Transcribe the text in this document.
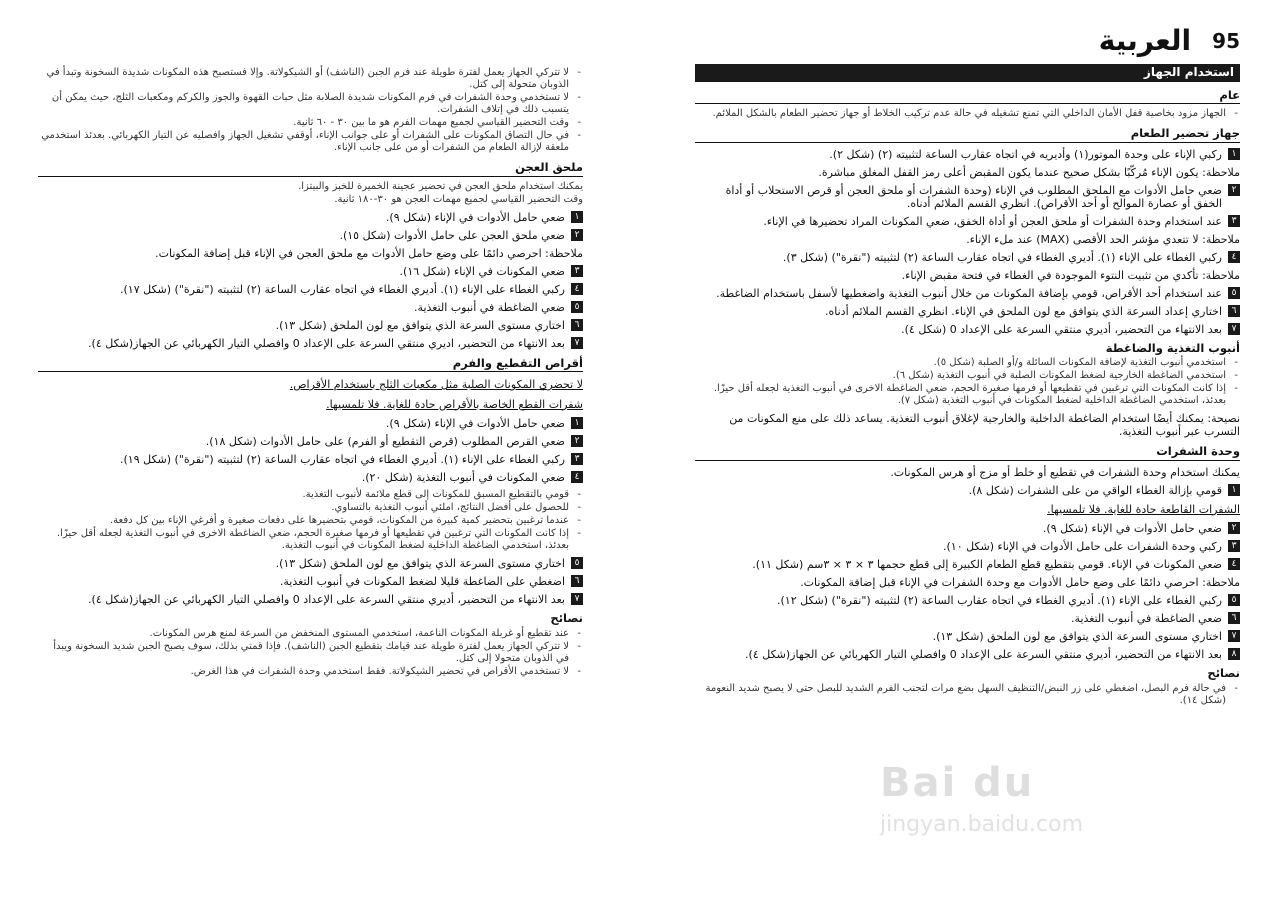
95 العربية
استخدام الجهاز
عام
- الجهاز مزود بخاصية قفل الأمان الداخلي التي تمنع تشغيله في حالة عدم تركيب الخلاط أو جهاز تحضير الطعام بالشكل الملائم.
جهاز تحضير الطعام
١
ركبي الإناء على وحدة الموتور(١) وأديريه في اتجاه عقارب الساعة لتثبيته (٢) (شكل ٢).
ملاحظة: يكون الإناء مُركّبًا بشكل صحيح عندما يكون المقبض أعلى رمز القفل المغلق مباشرة.
٢
ضعي حامل الأدوات مع الملحق المطلوب في الإناء (وحدة الشفرات أو ملحق العجن أو قرص الاستحلاب أو أداة الخفق أو عصارة الموالح أو أحد الأقراص). انظري القسم الملائم أدناه.
٣
عند استخدام وحدة الشفرات أو ملحق العجن أو أداة الخفق، ضعي المكونات المراد تحضيرها في الإناء.
ملاحظة: لا تتعدي مؤشر الحد الأقصى (MAX) عند ملء الإناء.
٤
ركبي الغطاء على الإناء (١). أديري الغطاء في اتجاه عقارب الساعة (٢) لتثبيته ("نقرة") (شكل ٣).
ملاحظة: تأكدي من تثبيت النتوء الموجودة في الغطاء في فتحة مقبض الإناء.
٥
عند استخدام أحد الأقراص، قومي بإضافة المكونات من خلال أنبوب التغذية واضغطيها لأسفل باستخدام الضاغطة.
٦
اختاري إعداد السرعة الذي يتوافق مع لون الملحق في الإناء. انظري القسم الملائم أدناه.
٧
بعد الانتهاء من التحضير، أديري منتقي السرعة على الإعداد 0 (شكل ٤).
أنبوب التغذية والضاغطة
- استخدمي أنبوب التغذية لإضافة المكونات السائلة و/أو الصلبة (شكل ٥).
- استخدمي الضاغطة الخارجية لضغط المكونات الصلبة في أنبوب التغذية (شكل ٦).
- إذا كانت المكونات التي ترغبين في تقطيعها أو فرمها صغيرة الحجم، ضعي الضاغطة الاخرى في أنبوب التغذية لجعله أقل حيزًا. بعدئذ، استخدمي الضاغطة الداخلية لضغط المكونات في أنبوب التغذية (شكل ٧).
نصيحة: يمكنك أيضًا استخدام الضاغطة الداخلية والخارجية لإغلاق أنبوب التغذية. يساعد ذلك على منع المكونات من التسرب عبر أنبوب التغذية.
وحدة الشفرات
يمكنك استخدام وحدة الشفرات في تقطيع أو خلط أو مزج أو هرس المكونات.
١
قومي بإزالة الغطاء الواقي من على الشفرات (شكل ٨).
الشفرات القاطعة حادة للغاية. فلا تلمسيها.
٢
ضعي حامل الأدوات في الإناء (شكل ٩).
٣
ركبي وحدة الشفرات على حامل الأدوات في الإناء (شكل ١٠).
٤
ضعي المكونات في الإناء. قومي بتقطيع قطع الطعام الكبيرة إلى قطع حجمها ٣ × ٣ × ٣سم (شكل ١١).
ملاحظة: احرصي دائمًا على وضع حامل الأدوات مع وحدة الشفرات في الإناء قبل إضافة المكونات.
٥
ركبي الغطاء على الإناء (١). أديري الغطاء في اتجاه عقارب الساعة (٢) لتثبيته ("نقرة") (شكل ١٢).
٦
ضعي الضاغطة في أنبوب التغذية.
٧
اختاري مستوى السرعة الذي يتوافق مع لون الملحق (شكل ١٣).
٨
بعد الانتهاء من التحضير، أديري منتقي السرعة على الإعداد 0 وافصلي التيار الكهربائي عن الجهاز(شكل ٤).
نصائح
- في حالة فرم البصل، اضغطي على زر النبض/التنظيف السهل بضع مرات لتجنب الفرم الشديد للبصل حتى لا يصبح شديد النعومة (شكل ١٤).
- لا تتركي الجهاز يعمل لفترة طويلة عند فرم الجبن (الناشف) أو الشيكولاتة. وإلا فستصبح هذه المكونات شديدة السخونة وتبدأ في الذوبان متحولة إلى كتل.
- لا تستخدمي وحدة الشفرات في فرم المكونات شديدة الصلابة مثل حبات القهوة والجوز والكركم ومكعبات الثلج، حيث يمكن أن يتسبب ذلك في إتلاف الشفرات.
- وقت التحضير القياسي لجميع مهمات الفرم هو ما بين ٣٠ - ٦٠ ثانية.
- في حال التصاق المكونات على الشفرات أو على جوانب الإناء، أوقفي تشغيل الجهاز وافصليه عن التيار الكهربائي. بعدئذ استخدمي ملعقة لإزالة الطعام من الشفرات أو من على جانب الإناء.
ملحق العجن
يمكنك استخدام ملحق العجن في تحضير عجينة الخميرة للخبز والبيتزا.
وقت التحضير القياسي لجميع مهمات العجن هو ٣٠-١٨٠ ثانية.
١
ضعي حامل الأدوات في الإناء (شكل ٩).
٢
ضعي ملحق العجن على حامل الأدوات (شكل ١٥).
ملاحظة: احرصي دائمًا على وضع حامل الأدوات مع ملحق العجن في الإناء قبل إضافة المكونات.
٣
ضعي المكونات في الإناء (شكل ١٦).
٤
ركبي الغطاء على الإناء (١). أديري الغطاء في اتجاه عقارب الساعة (٢) لتثبيته ("نقرة") (شكل ١٧).
٥
ضعي الضاغطة في أنبوب التغذية.
٦
اختاري مستوى السرعة الذي يتوافق مع لون الملحق (شكل ١٣).
٧
بعد الانتهاء من التحضير، اديري منتقي السرعة على الإعداد 0 وافصلي التيار الكهربائي عن الجهاز(شكل ٤).
أقراص التقطيع والفرم
لا تحضري المكونات الصلبة مثل مكعبات الثلج باستخدام الأقراص.
شفرات القطع الخاصة بالأقراص حادة للغاية. فلا تلمسيها.
١
ضعي حامل الأدوات في الإناء (شكل ٩).
٢
ضعي القرص المطلوب (قرص التقطيع أو الفرم) على حامل الأدوات (شكل ١٨).
٣
ركبي الغطاء على الإناء (١). أديري الغطاء في اتجاه عقارب الساعة (٢) لتثبيته ("نقرة") (شكل ١٩).
٤
ضعي المكونات في أنبوب التغذية (شكل ٢٠).
- قومي بالتقطيع المسبق للمكونات إلى قطع ملائمة لأنبوب التغذية.
- للحصول على أفضل النتائج، املئي أنبوب التغذية بالتساوي.
- عندما ترغبين بتحضير كمية كبيرة من المكونات، قومي بتحضيرها على دفعات صغيرة و أفرغي الإناء بين كل دفعة.
- إذا كانت المكونات التي ترغبين في تقطيعها أو فرمها صغيرة الحجم، ضعي الضاغطة الاخرى في أنبوب التغذية لجعله أقل حيزًا. بعدئذ، استخدمي الضاغطة الداخلية لضغط المكونات في أنبوب التغذية.
٥
اختاري مستوى السرعة الذي يتوافق مع لون الملحق (شكل ١٣).
٦
اضغطي على الضاغطة قليلا لضغط المكونات في أنبوب التغذية.
٧
بعد الانتهاء من التحضير، أديري منتقي السرعة على الإعداد 0 وافصلي التيار الكهربائي عن الجهاز(شكل ٤).
نصائح
- عند تقطيع أو غربلة المكونات الناعمة، استخدمي المستوى المنخفض من السرعة لمنع هرس المكونات.
- لا تتركي الجهاز يعمل لفترة طويلة عند قيامك بتقطيع الجبن (الناشف). فإذا قمتي بذلك، سوف يصبح الجبن شديد السخونة ويبدأ في الذوبان متحولا إلى كتل.
- لا تستخدمي الأقراص في تحضير الشيكولاتة. فقط استخدمي وحدة الشفرات في هذا الغرض.
Bai du
jingyan.baidu.com
